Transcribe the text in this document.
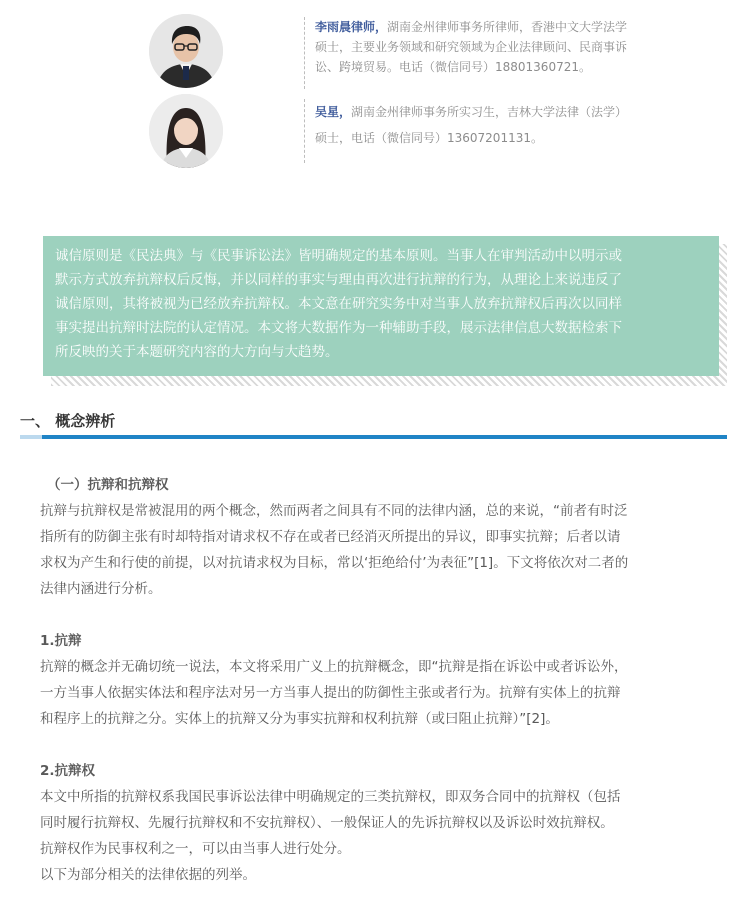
李雨晨律师，湖南金州律师事务所律师，香港中文大学法学
硕士，主要业务领域和研究领域为企业法律顾问、民商事诉
讼、跨境贸易。电话（微信同号）18801360721。
吴星，湖南金州律师事务所实习生，吉林大学法律（法学）
硕士，电话（微信同号）13607201131。
诚信原则是《民法典》与《民事诉讼法》皆明确规定的基本原则。当事人在审判活动中以明示或
默示方式放弃抗辩权后反悔，并以同样的事实与理由再次进行抗辩的行为，从理论上来说违反了
诚信原则，其将被视为已经放弃抗辩权。本文意在研究实务中对当事人放弃抗辩权后再次以同样
事实提出抗辩时法院的认定情况。本文将大数据作为一种辅助手段，展示法律信息大数据检索下
所反映的关于本题研究内容的大方向与大趋势。
一、 概念辨析
（一）抗辩和抗辩权
抗辩与抗辩权是常被混用的两个概念，然而两者之间具有不同的法律内涵，总的来说，“前者有时泛
指所有的防御主张有时却特指对请求权不存在或者已经消灭所提出的异议，即事实抗辩；后者以请
求权为产生和行使的前提，以对抗请求权为目标，常以‘拒绝给付’为表征”[1]。下文将依次对二者的
法律内涵进行分析。
1.抗辩
抗辩的概念并无确切统一说法，本文将采用广义上的抗辩概念，即“抗辩是指在诉讼中或者诉讼外，
一方当事人依据实体法和程序法对另一方当事人提出的防御性主张或者行为。抗辩有实体上的抗辩
和程序上的抗辩之分。实体上的抗辩又分为事实抗辩和权利抗辩（或曰阻止抗辩）”[2]。
2.抗辩权
本文中所指的抗辩权系我国民事诉讼法律中明确规定的三类抗辩权，即双务合同中的抗辩权（包括
同时履行抗辩权、先履行抗辩权和不安抗辩权）、一般保证人的先诉抗辩权以及诉讼时效抗辩权。
抗辩权作为民事权利之一，可以由当事人进行处分。
以下为部分相关的法律依据的列举。
